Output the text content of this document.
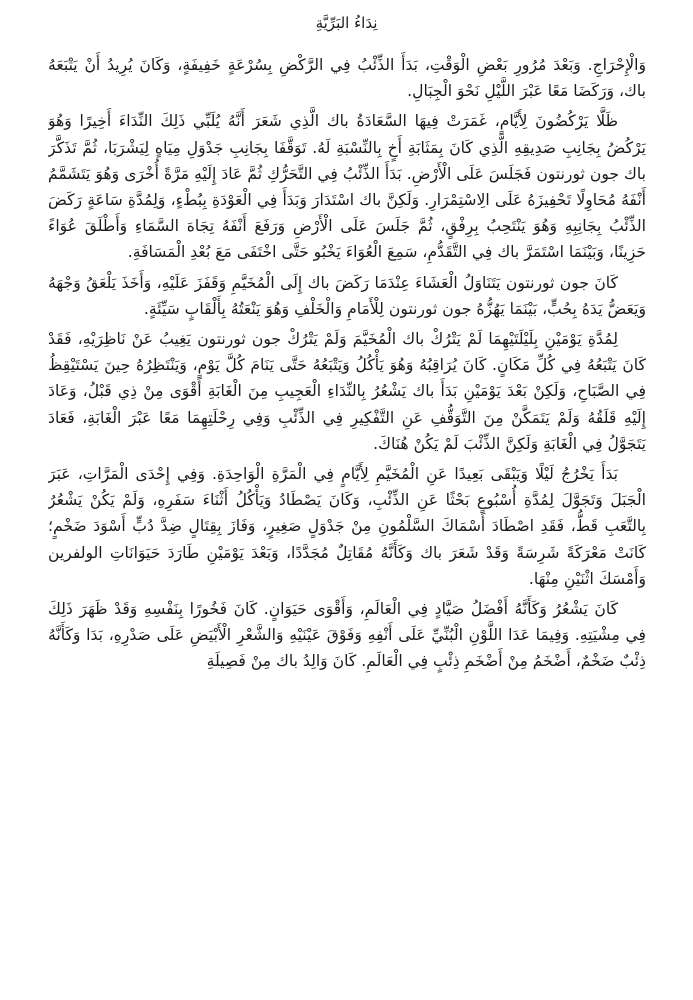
نِدَاءُ البَرِّيَّةِ

وَالْإِحْرَاجِ. وَبَعْدَ مُرُورِ بَعْضِ الْوَقْتِ، بَدَأَ الذِّئْبُ فِي الرَّكْضِ بِسُرْعَةٍ خَفِيفَةٍ، وَكَانَ يُرِيدُ أَنْ يَتْبَعَهُ باك، وَرَكَضَا مَعًا عَبْرَ اللَّيْلِ نَحْوَ الْجِبَالِ.

ظَلَّا يَرْكُضُونَ لِأَيَّامٍ، غَمَرَتْ فِيهَا السَّعَادَةُ باك الَّذِي شَعَرَ أَنَّهُ يُلَبِّي ذَلِكَ النِّدَاءَ أَخِيرًا وَهُوَ يَرْكُضُ بِجَانِبِ صَدِيقِهِ الَّذِي كَانَ بِمَثَابَةِ أَخٍ بِالنِّسْبَةِ لَهُ. تَوَقَّفَا بِجَانِبِ جَدْوَلِ مِيَاهٍ لِيَشْرَبَا، ثُمَّ تَذَكَّرَ باك جون ثورنتون فَجَلَسَ عَلَى الْأَرْضِ. بَدَأَ الذِّئْبُ فِي التَّحَرُّكِ ثُمَّ عَادَ إِلَيْهِ مَرَّةً أُخْرَى وَهُوَ يَتَشَمَّمُ أَنْفَهُ مُحَاوِلًا تَحْفِيزَهُ عَلَى الِاسْتِمْرَارِ. وَلَكِنَّ باك اسْتَدَارَ وَبَدَأَ فِي الْعَوْدَةِ بِبُطْءٍ، وَلِمُدَّةِ سَاعَةٍ رَكَضَ الذِّئْبُ بِجَانِبِهِ وَهُوَ يَنْتَحِبُ بِرِفْقٍ، ثُمَّ جَلَسَ عَلَى الْأَرْضِ وَرَفَعَ أَنْفَهُ تِجَاهَ السَّمَاءِ وَأَطْلَقَ عُوَاءً حَزِينًا، وَبَيْنَمَا اسْتَمَرَّ باك فِي التَّقَدُّمِ، سَمِعَ الْعُوَاءَ يَخْبُو حَتَّى اخْتَفَى مَعَ بُعْدِ الْمَسَافَةِ.

كَانَ جون ثورنتون يَتَنَاوَلُ الْعَشَاءَ عِنْدَمَا رَكَضَ باك إِلَى الْمُخَيَّمِ وَقَفَزَ عَلَيْهِ، وَأَخَذَ يَلْعَقُ وَجْهَهُ وَيَعَضُّ يَدَهُ بِحُبٍّ، بَيْنَمَا يَهُزُّهُ جون ثورنتون لِلْأَمَامِ وَالْخَلْفِ وَهُوَ يَنْعَتُهُ بِأَلْقَابٍ سَيِّئَةٍ.

لِمُدَّةِ يَوْمَيْنِ بِلَيْلَتَيْهِمَا لَمْ يَتْرُكْ باك الْمُخَيَّمَ وَلَمْ يَتْرُكْ جون ثورنتون يَغِيبُ عَنْ نَاظِرَيْهِ، فَقَدْ كَانَ يَتْبَعُهُ فِي كُلِّ مَكَانٍ. كَانَ يُرَاقِبُهُ وَهُوَ يَأْكُلُ وَيَتْبَعُهُ حَتَّى يَنَامَ كُلَّ يَوْمٍ، وَيَنْتَظِرُهُ حِينَ يَسْتَيْقِظُ فِي الصَّبَاحِ، وَلَكِنْ بَعْدَ يَوْمَيْنِ بَدَأَ باك يَشْعُرُ بِالنِّدَاءِ الْعَجِيبِ مِنَ الْغَابَةِ أَقْوَى مِنْ ذِي قَبْلُ، وَعَادَ إِلَيْهِ قَلَقُهُ وَلَمْ يَتَمَكَّنْ مِنَ التَّوَقُّفِ عَنِ التَّفْكِيرِ فِي الذِّئْبِ وَفِي رِحْلَتِهِمَا مَعًا عَبْرَ الْغَابَةِ، فَعَادَ يَتَجَوَّلُ فِي الْغَابَةِ وَلَكِنَّ الذِّئْبَ لَمْ يَكُنْ هُنَاكَ.

بَدَأَ يَخْرُجُ لَيْلًا وَيَبْقَى بَعِيدًا عَنِ الْمُخَيَّمِ لِأَيَّامٍ فِي الْمَرَّةِ الْوَاحِدَةِ. وَفِي إِحْدَى الْمَرَّاتِ، عَبَرَ الْجَبَلَ وَتَجَوَّلَ لِمُدَّةِ أُسْبُوعٍ بَحْثًا عَنِ الذِّئْبِ، وَكَانَ يَصْطَادُ وَيَأْكُلُ أَثْنَاءَ سَفَرِهِ، وَلَمْ يَكُنْ يَشْعُرُ بِالتَّعَبِ قَطُّ، فَقَدِ اصْطَادَ أَسْمَاكَ السَّلْمُونِ مِنْ جَدْوَلٍ صَغِيرٍ، وَفَازَ بِقِتَالٍ ضِدَّ دُبٍّ أَسْوَدَ ضَخْمٍ؛ كَانَتْ مَعْرَكَةً شَرِسَةً وَقَدْ شَعَرَ باك وَكَأَنَّهُ مُقَاتِلٌ مُجَدَّدًا، وَبَعْدَ يَوْمَيْنِ طَارَدَ حَيَوَانَاتِ الولفرين وَأَمْسَكَ اثْنَيْنِ مِنْهَا.

كَانَ يَشْعُرُ وَكَأَنَّهُ أَفْضَلُ صَيَّادٍ فِي الْعَالَمِ، وَأَقْوَى حَيَوَانٍ. كَانَ فَخُورًا بِنَفْسِهِ وَقَدْ ظَهَرَ ذَلِكَ فِي مِشْيَتِهِ. وَفِيمَا عَدَا اللَّوْنِ الْبُنِّيِّ عَلَى أَنْفِهِ وَفَوْقَ عَيْنَيْهِ وَالشَّعْرِ الْأَبْيَضِ عَلَى صَدْرِهِ، بَدَا وَكَأَنَّهُ ذِئْبٌ ضَخْمٌ، أَضْخَمُ مِنْ أَضْخَمِ ذِئْبٍ فِي الْعَالَمِ. كَانَ وَالِدُ باك مِنْ فَصِيلَةِ
